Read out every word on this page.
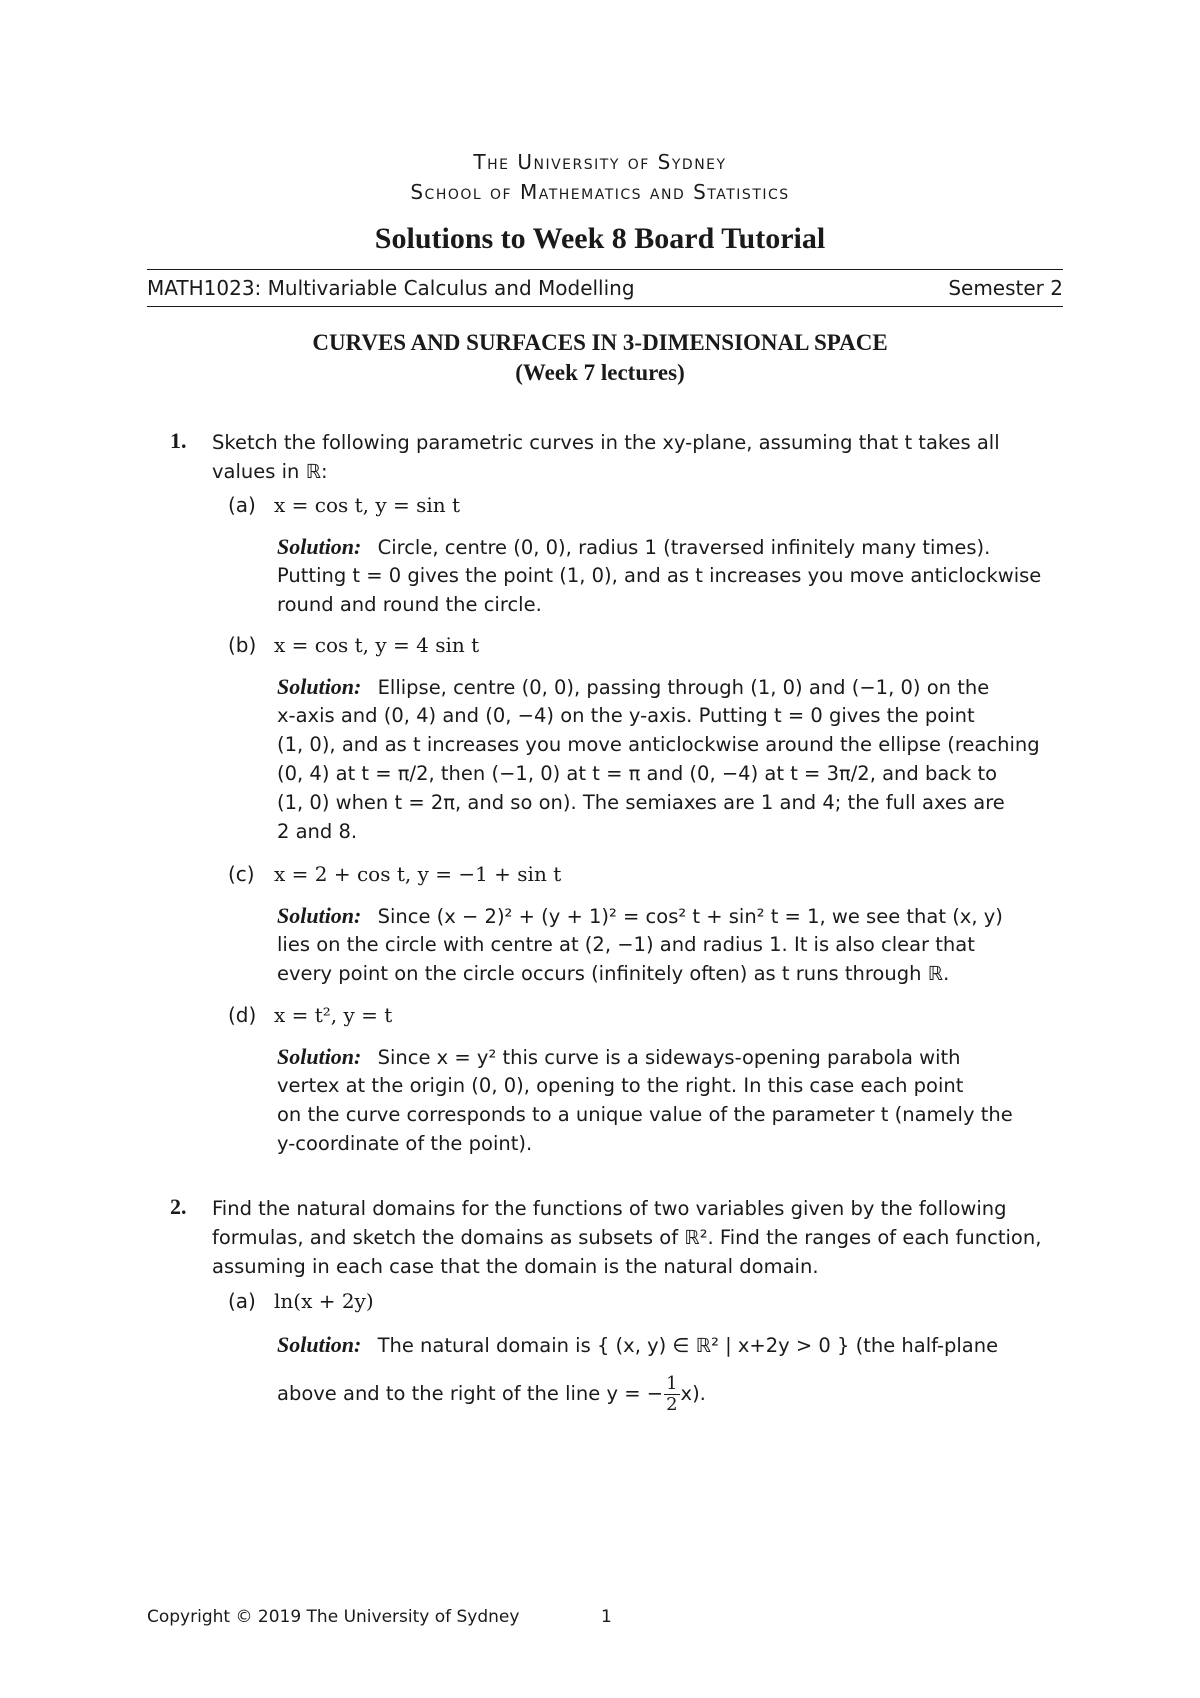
The University of Sydney
School of Mathematics and Statistics
Solutions to Week 8 Board Tutorial
MATH1023: Multivariable Calculus and Modelling	Semester 2
CURVES AND SURFACES IN 3-DIMENSIONAL SPACE
(Week 7 lectures)
1. Sketch the following parametric curves in the xy-plane, assuming that t takes all
values in ℝ:
(a) x = cos t, y = sin t
Solution: Circle, centre (0, 0), radius 1 (traversed infinitely many times).
Putting t = 0 gives the point (1, 0), and as t increases you move anticlockwise
round and round the circle.
(b) x = cos t, y = 4 sin t
Solution: Ellipse, centre (0, 0), passing through (1, 0) and (−1, 0) on the
x-axis and (0, 4) and (0, −4) on the y-axis. Putting t = 0 gives the point
(1, 0), and as t increases you move anticlockwise around the ellipse (reaching
(0, 4) at t = π/2, then (−1, 0) at t = π and (0, −4) at t = 3π/2, and back to
(1, 0) when t = 2π, and so on). The semiaxes are 1 and 4; the full axes are
2 and 8.
(c) x = 2 + cos t, y = −1 + sin t
Solution: Since (x − 2)² + (y + 1)² = cos² t + sin² t = 1, we see that (x, y)
lies on the circle with centre at (2, −1) and radius 1. It is also clear that
every point on the circle occurs (infinitely often) as t runs through ℝ.
(d) x = t², y = t
Solution: Since x = y² this curve is a sideways-opening parabola with
vertex at the origin (0, 0), opening to the right. In this case each point
on the curve corresponds to a unique value of the parameter t (namely the
y-coordinate of the point).
2. Find the natural domains for the functions of two variables given by the following
formulas, and sketch the domains as subsets of ℝ². Find the ranges of each function,
assuming in each case that the domain is the natural domain.
(a) ln(x + 2y)
Solution: The natural domain is { (x, y) ∈ ℝ² | x+2y > 0 } (the half-plane
above and to the right of the line y = − $\frac{1}{2} x$).
Copyright © 2019 The University of Sydney	1
